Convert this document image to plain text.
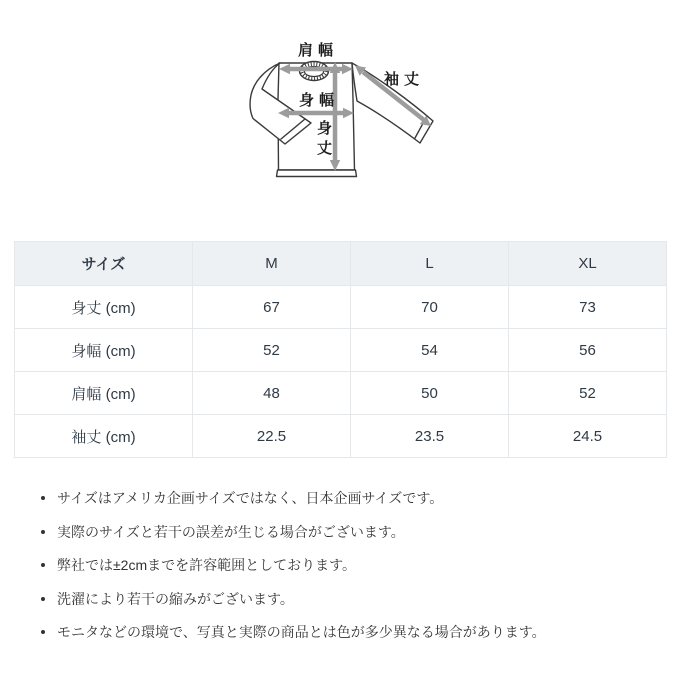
肩幅
袖丈
身幅
身丈
サイズ	M	L	XL
身丈 (cm)	67	70	73
身幅 (cm)	52	54	56
肩幅 (cm)	48	50	52
袖丈 (cm)	22.5	23.5	24.5
サイズはアメリカ企画サイズではなく、日本企画サイズです。
実際のサイズと若干の誤差が生じる場合がございます。
弊社では±2cmまでを許容範囲としております。
洗濯により若干の縮みがございます。
モニタなどの環境で、写真と実際の商品とは色が多少異なる場合があります。
